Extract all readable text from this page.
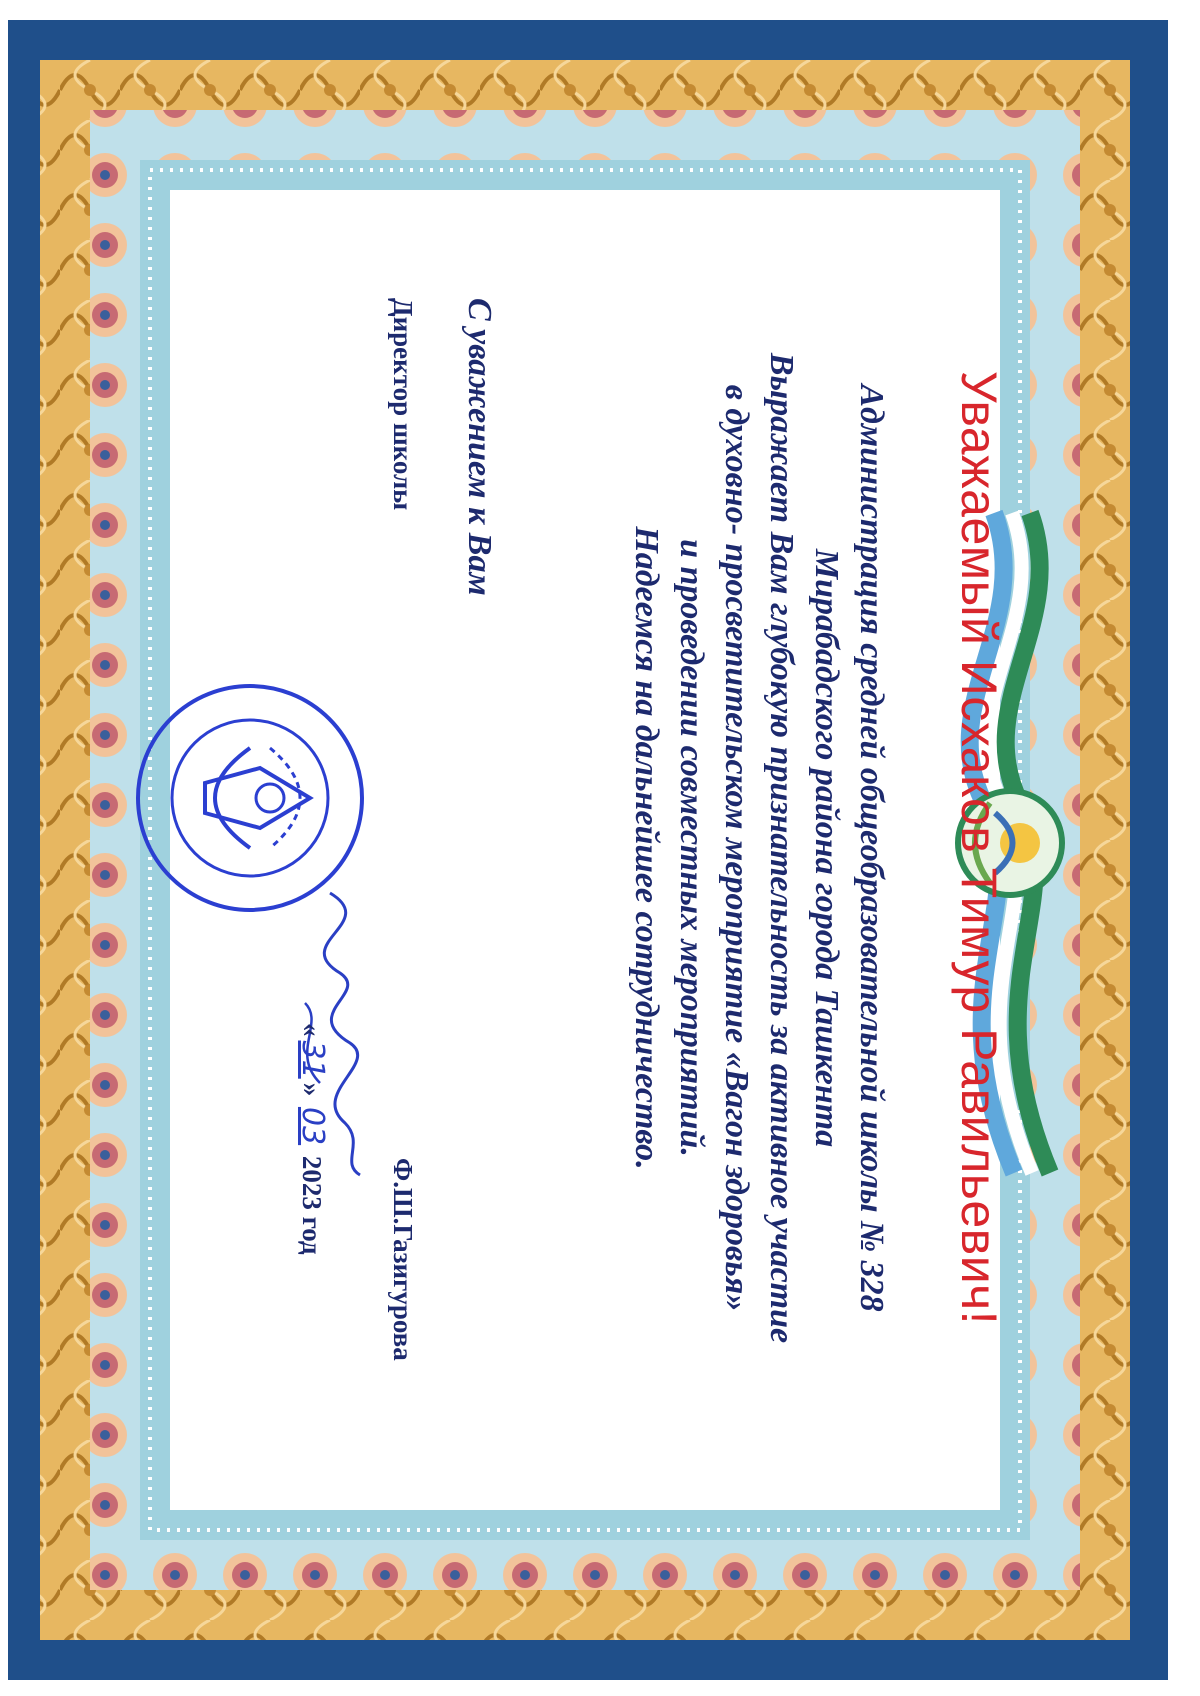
Уважаемый Исхаков Тимур Равильевич!
Администрация средней общеобразовательной школы № 328
Мирабадского района города Ташкента
Выражает Вам глубокую признательность за активное участие
в духовно- просветительском мероприятие «Вагон здоровья»
и проведении совместных мероприятий.
Надеемся на дальнейшее сотрудничество.
С уважением к Вам
Директор школы
Ф.Ш.Газигурова
«31» 03 2023 год
